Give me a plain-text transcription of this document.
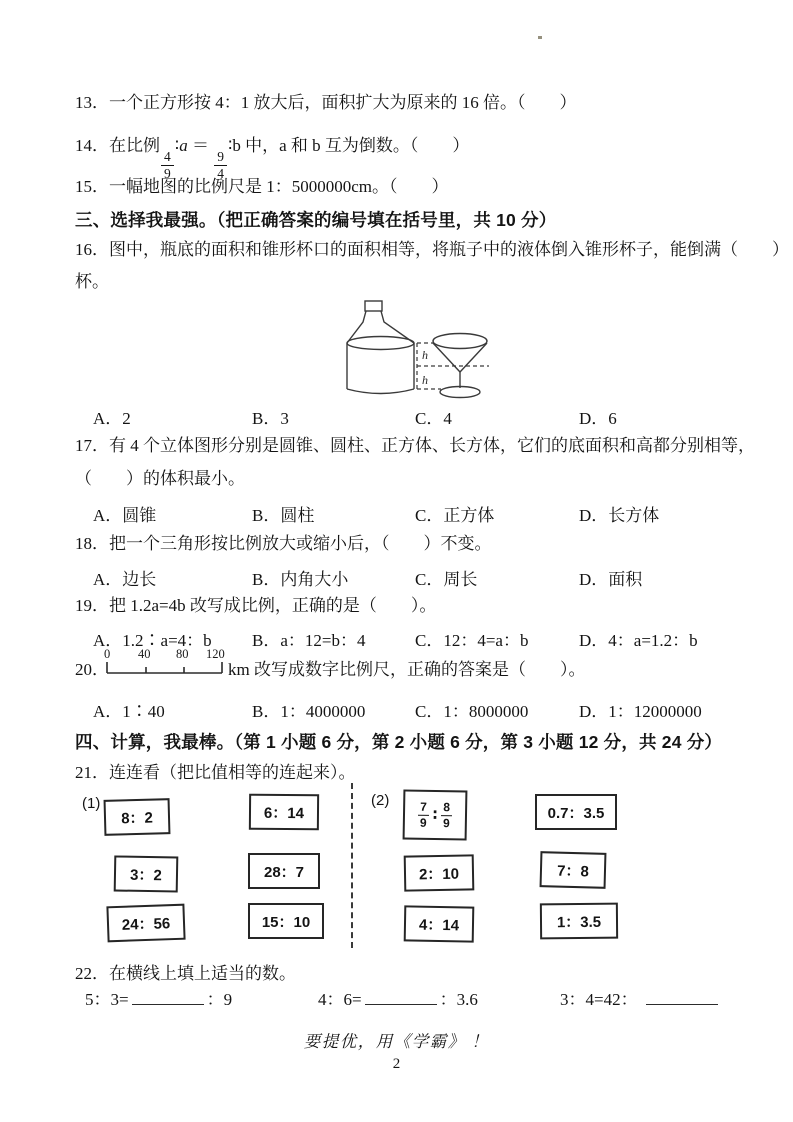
13．一个正方形按 4：1 放大后，面积扩大为原来的 16 倍。（　　）
14．在比例
$\frac{4}{9}$
∶a ＝
$\frac{9}{4}$
∶b 中，a 和 b 互为倒数。（　　）
15．一幅地图的比例尺是 1：5000000cm。（　　）
三、选择我最强。（把正确答案的编号填在括号里，共 10 分）
16．图中，瓶底的面积和锥形杯口的面积相等，将瓶子中的液体倒入锥形杯子，能倒满（　　）
杯。
h
h
A．2	B．3	C．4	D．6
17．有 4 个立体图形分别是圆锥、圆柱、正方体、长方体，它们的底面积和高都分别相等，
（　　）的体积最小。
A．圆锥	B．圆柱	C．正方体	D．长方体
18．把一个三角形按比例放大或缩小后，（　　）不变。
A．边长	B．内角大小	C．周长	D．面积
19．把 1.2a=4b 改写成比例，正确的是（　　）。
A．1.2∶a=4：b B．a：12=b：4	C．12：4=a：b	D．4：a=1.2：b
20．
0 40 80 120
km 改写成数字比例尺，正确的答案是（　　）。
A．1∶40	B．1：4000000	C．1：8000000	D．1：12000000
四、计算，我最棒。（第 1 小题 6 分，第 2 小题 6 分，第 3 小题 12 分，共 24 分）
21．连连看（把比值相等的连起来）。
(1)	(2)
8：2	6：14	$\frac{7}{9}$ ∶ $\frac{8}{9}$	0.7：3.5
3：2	28：7	2：10	7：8
24：56	15：10	4：14	1：3.5
22．在横线上填上适当的数。
5：3=	：9	4：6=	：3.6	3：4=42：
要提优，用《学霸》 ！
2
